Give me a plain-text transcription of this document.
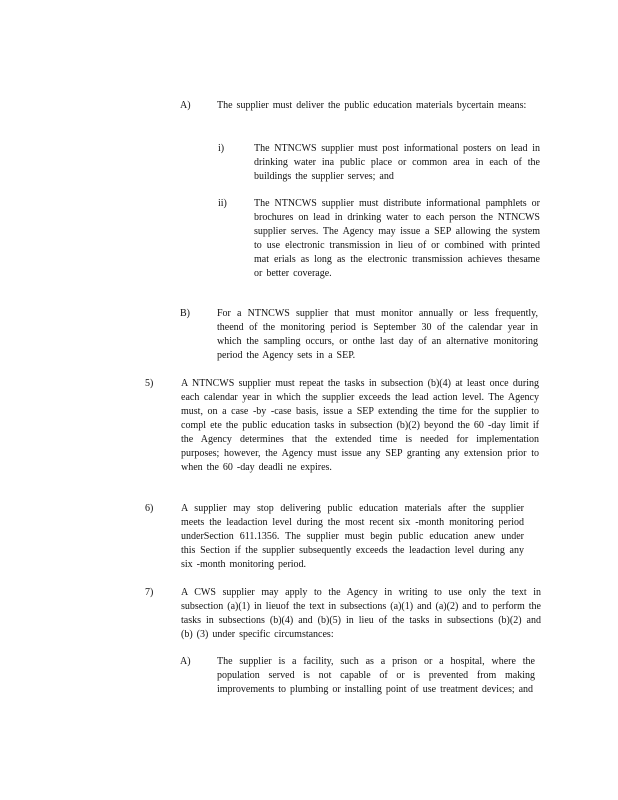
A)	The supplier must deliver the public education materials bycertain means:

i)	The NTNCWS supplier must post informational posters on lead in drinking water ina public place or common area in each of the buildings the supplier serves; and

ii)	The NTNCWS supplier must distribute informational pamphlets or brochures on lead in drinking water to each person the NTNCWS supplier serves. The Agency may issue a SEP allowing the system to use electronic transmission in lieu of or combined with printed mat erials as long as the electronic transmission achieves thesame or better coverage.

B)	For a NTNCWS supplier that must monitor annually or less frequently, theend of the monitoring period is September 30 of the calendar year in which the sampling occurs, or onthe last day of an alternative monitoring period the Agency sets in a SEP.

5)	A NTNCWS supplier must repeat the tasks in subsection (b)(4) at least once during each calendar year in which the supplier exceeds the lead action level. The Agency must, on a case -by -case basis, issue a SEP extending the time for the supplier to compl ete the public education tasks in subsection (b)(2) beyond the 60 -day limit if the Agency determines that the extended time is needed for implementation purposes; however, the Agency must issue any SEP granting any extension prior to when the 60 -day deadli ne expires.

6)	A supplier may stop delivering public education materials after the supplier meets the leadaction level during the most recent six -month monitoring period underSection 611.1356. The supplier must begin public education anew under this Section if the supplier subsequently exceeds the leadaction level during any six -month monitoring period.

7)	A CWS supplier may apply to the Agency in writing to use only the text in subsection (a)(1) in lieuof the text in subsections (a)(1) and (a)(2) and to perform the tasks in subsections (b)(4) and (b)(5) in lieu of the tasks in subsections (b)(2) and (b) (3) under specific circumstances:

A)	The supplier is a facility, such as a prison or a hospital, where the population served is not capable of or is prevented from making improvements to plumbing or installing point of use treatment devices; and
